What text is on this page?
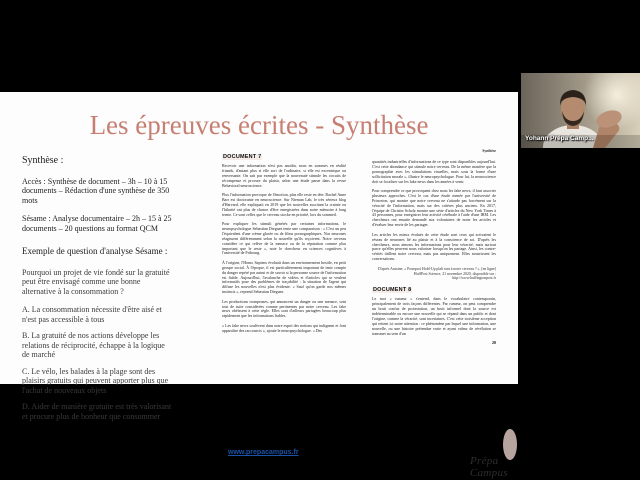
Les épreuves écrites - Synthèse

Synthèse :

Accès : Synthèse de document – 3h – 10 à 15 documents – Rédaction d'une synthèse de 350 mots

Sésame : Analyse documentaire – 2h – 15 à 25 documents – 20 questions au format QCM

Exemple de question d'analyse Sésame :

Pourquoi un projet de vie fondé sur la gratuité peut être envisagé comme une bonne alternative à la consommation ?

A. La consommation nécessite d'être aisé et n'est pas accessible à tous

B. La gratuité de nos actions développe les relations de réciprocité, échappe à la logique de marché

C. Le vélo, les balades à la plage sont des plaisirs gratuits qui peuvent apporter plus que l'achat de nouveaux objets

D. Aider de manière gratuite est très valorisant et procure plus de bonheur que consommer

DOCUMENT 7

Recevoir une information n'est pas anodin, nous en sommes en réalité friands, d'autant plus si elle sort de l'ordinaire, si elle est excentrique ou renversante. On sait par exemple que la nouveauté stimule les circuits de récompense et procure du plaisir, selon une étude parue dans la revue Behavioral neuroscience.

Plus l'information provoque de l'émotion, plus elle reste en tête. Rachel Anne Barr est doctorante en neuroscience. Sur Nieman Lab, le très sérieux blog d'Harvard, elle expliquait en 2019 que les nouvelles suscitant la crainte ou l'hilarité ont plus de chance d'être enregistrées dans notre mémoire à long terme. Ce sont celles que le cerveau stocke en priorité, lors du sommeil.

Pour expliquer les stimuli générés par certaines informations, le neuropsychologue Sebastian Dieguez tente une comparaison : « C'est un peu l'équivalent d'une crème glacée ou de films pornographiques. Nos neurones réagissent différemment selon la nouvelle qu'ils reçoivent. Notre cerveau considère ce qui relève de la menace ou de la réputation comme plus important que le reste », note le chercheur en sciences cognitives à l'université de Fribourg.

À l'origine, l'Homo Sapiens évoluait dans un environnement hostile, en petit groupe social. À l'époque, il est particulièrement important de tenir compte du danger repéré par autrui et de savoir si la personne source de l'information est fiable. Aujourd'hui, l'avalanche de vidéos et d'articles qui se veulent informatifs pose des problèmes de traçabilité : la situation de l'agent qui diffuse les nouvelles n'est plus évidente. « Sauf qu'on garde nos mêmes instincts », reprend Sebastian Dieguez.

Les productions trompeuses, qui annoncent un danger ou une menace, sont tout de suite considérées comme pertinentes par notre cerveau. Les fake news obéissent à cette règle. Elles sont d'ailleurs partagées beaucoup plus rapidement que les informations fiables.

« Les fake news soulèvent dans notre esprit des notions qui indignent et font apparaître des raccourcis », ajoute le neuropsychologue. « Des

Synthèse

quantités industrielles d'informations de ce type sont disponibles aujourd'hui. C'est cette abondance qui stimule notre cerveau. De la même manière que la pornographie avec les stimulations visuelles, mais sous la forme d'une sollicitation morale », illustre le neuropsychologue. Pour lui, la neuroscience doit se focaliser sur les fake news dans les années à venir.

Pour comprendre ce que provoquent chez nous les fake news, il faut associer plusieurs approches. C'est le cas d'une étude menée par l'université de Princeton, qui montre que notre cerveau ne s'attarde pas forcément sur la véracité de l'information, mais sur des critères plus anciens. En 2017, l'équipe de Christin Scholz montre une série d'articles du New York Times à 43 personnes, pour enregistrer leur activité cérébrale à l'aide d'une IRM. Les chercheurs ont ensuite demandé aux volontaires de noter les articles et d'évaluer leur envie de les partager.

Les articles les mieux évalués de cette étude sont ceux qui activaient le réseau de neurones lié au plaisir et à la conscience de soi. D'après les chercheurs, nous aimons les informations pour leur véracité, mais surtout parce qu'elles peuvent nous valoriser lorsqu'on les partage. Ainsi, les contre-vérités titillent notre cerveau, mais pas uniquement. Elles nourrissent les conversations.

D'après Antoine, « Pourquoi Hold-Up plaît tant à notre cerveau ? », [en ligne] HuffPost Science, 21 novembre 2020, disponible sur : http://www.huffingtonpost.fr

DOCUMENT 8

Le mot « rumeur » s'entend, dans le vocabulaire contemporain, principalement de trois façons différentes. Par rumeur, on peut comprendre un bruit confus de protestation, un bruit informel dont la source est indéterminable ou encore une nouvelle qui se répand dans un public et dont l'origine, comme la véracité, sont incertaines. C'est cette troisième acception qui retient ici notre attention : ce phénomène par lequel une information, une nouvelle, ou une histoire prétendue vraie et ayant valeur de révélation se transmet au sein d'un

20

www.prepacampus.fr
Prépa Campus
Yohann Prépa Camp...
